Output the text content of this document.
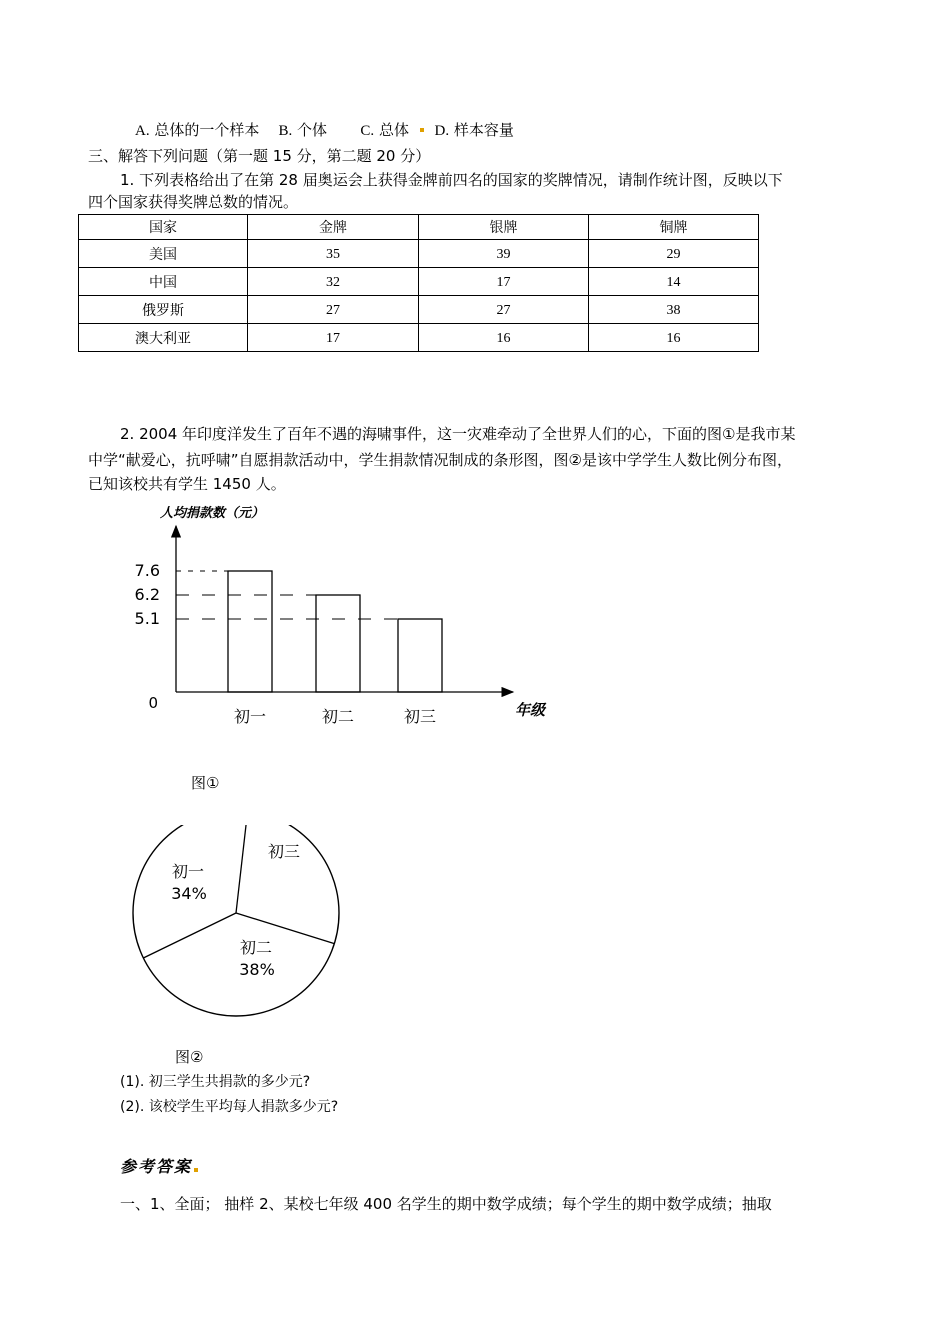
A. 总体的一个样本 B. 个体 C. 总体 D. 样本容量
三、解答下列问题（第一题 15 分，第二题 20 分）
1. 下列表格给出了在第 28 届奥运会上获得金牌前四名的国家的奖牌情况，请制作统计图，反映以下
四个国家获得奖牌总数的情况。
国家	金牌	银牌	铜牌
美国	35	39	29
中国	32	17	14
俄罗斯	27	27	38
澳大利亚	17	16	16
2. 2004 年印度洋发生了百年不遇的海啸事件，这一灾难牵动了全世界人们的心，下面的图①是我市某
中学“献爱心，抗呼啸”自愿捐款活动中，学生捐款情况制成的条形图，图②是该中学学生人数比例分布图，
已知该校共有学生 1450 人。
人均捐款数（元）
初一	初二	初三
7.6
6.2
5.1
0	年级
图①
初一
34%
初二
38%
初三
图②
(1). 初三学生共捐款的多少元?
(2). 该校学生平均每人捐款多少元?
参考答案
一、1、全面； 抽样 2、某校七年级 400 名学生的期中数学成绩；每个学生的期中数学成绩；抽取
